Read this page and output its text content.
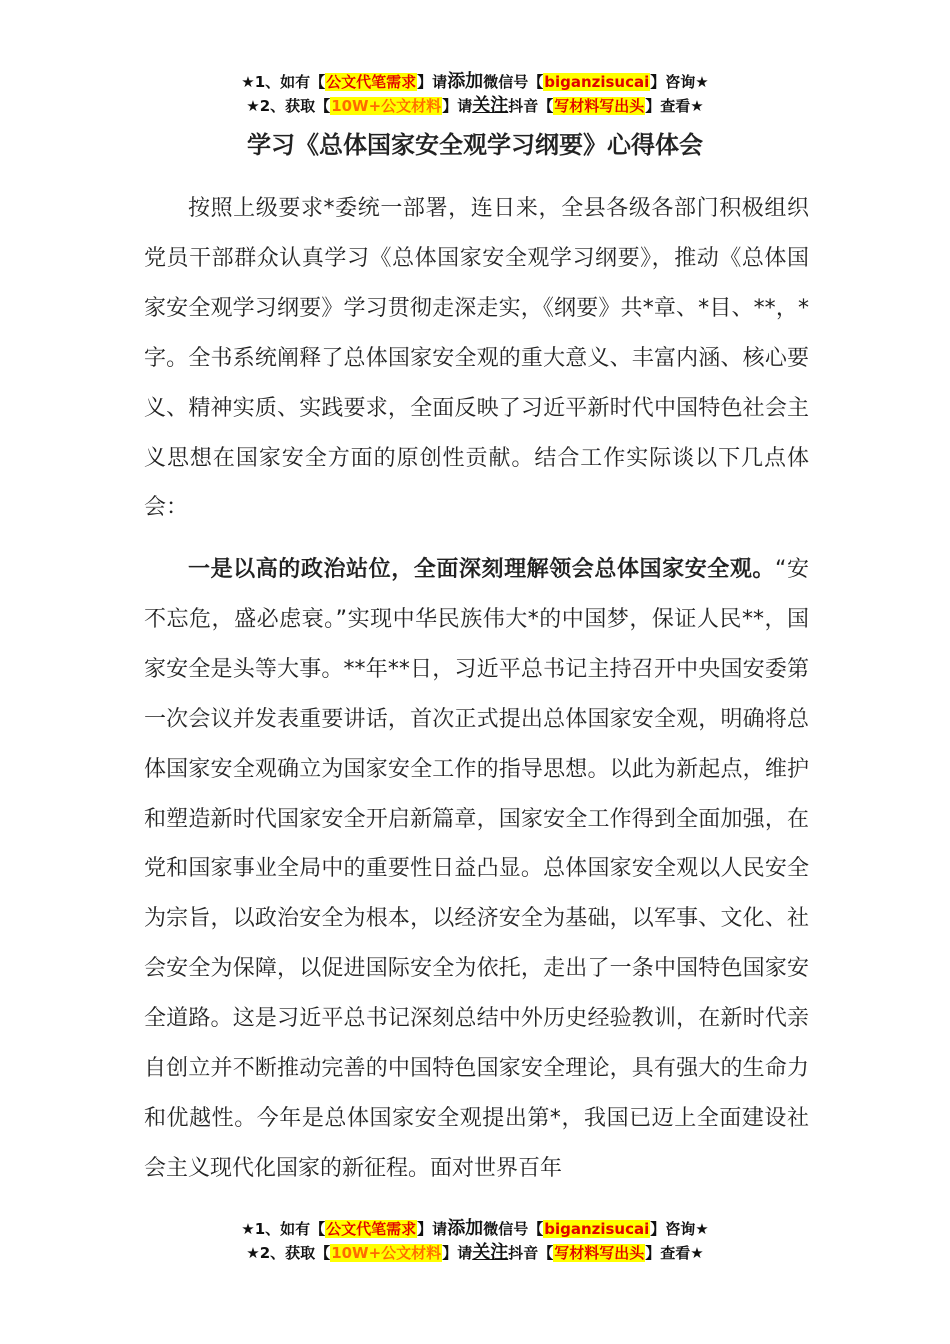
★1、如有【公文代笔需求】请添加微信号【biganzisucai】咨询★
★2、获取【10W+公文材料】请关注抖音【写材料写出头】查看★
学习《总体国家安全观学习纲要》心得体会
按照上级要求*委统一部署，连日来，全县各级各部门积极组织党员干部群众认真学习《总体国家安全观学习纲要》，推动《总体国家安全观学习纲要》学习贯彻走深走实，《纲要》共*章、*目、**，*字。全书系统阐释了总体国家安全观的重大意义、丰富内涵、核心要义、精神实质、实践要求，全面反映了习近平新时代中国特色社会主义思想在国家安全方面的原创性贡献。结合工作实际谈以下几点体会：
一是以高的政治站位，全面深刻理解领会总体国家安全观。“安不忘危，盛必虑衰。”实现中华民族伟大*的中国梦，保证人民**，国家安全是头等大事。**年**日，习近平总书记主持召开中央国安委第一次会议并发表重要讲话，首次正式提出总体国家安全观，明确将总体国家安全观确立为国家安全工作的指导思想。以此为新起点，维护和塑造新时代国家安全开启新篇章，国家安全工作得到全面加强，在党和国家事业全局中的重要性日益凸显。总体国家安全观以人民安全为宗旨，以政治安全为根本，以经济安全为基础，以军事、文化、社会安全为保障，以促进国际安全为依托，走出了一条中国特色国家安全道路。这是习近平总书记深刻总结中外历史经验教训，在新时代亲自创立并不断推动完善的中国特色国家安全理论，具有强大的生命力和优越性。今年是总体国家安全观提出第*，我国已迈上全面建设社会主义现代化国家的新征程。面对世界百年
★1、如有【公文代笔需求】请添加微信号【biganzisucai】咨询★
★2、获取【10W+公文材料】请关注抖音【写材料写出头】查看★
